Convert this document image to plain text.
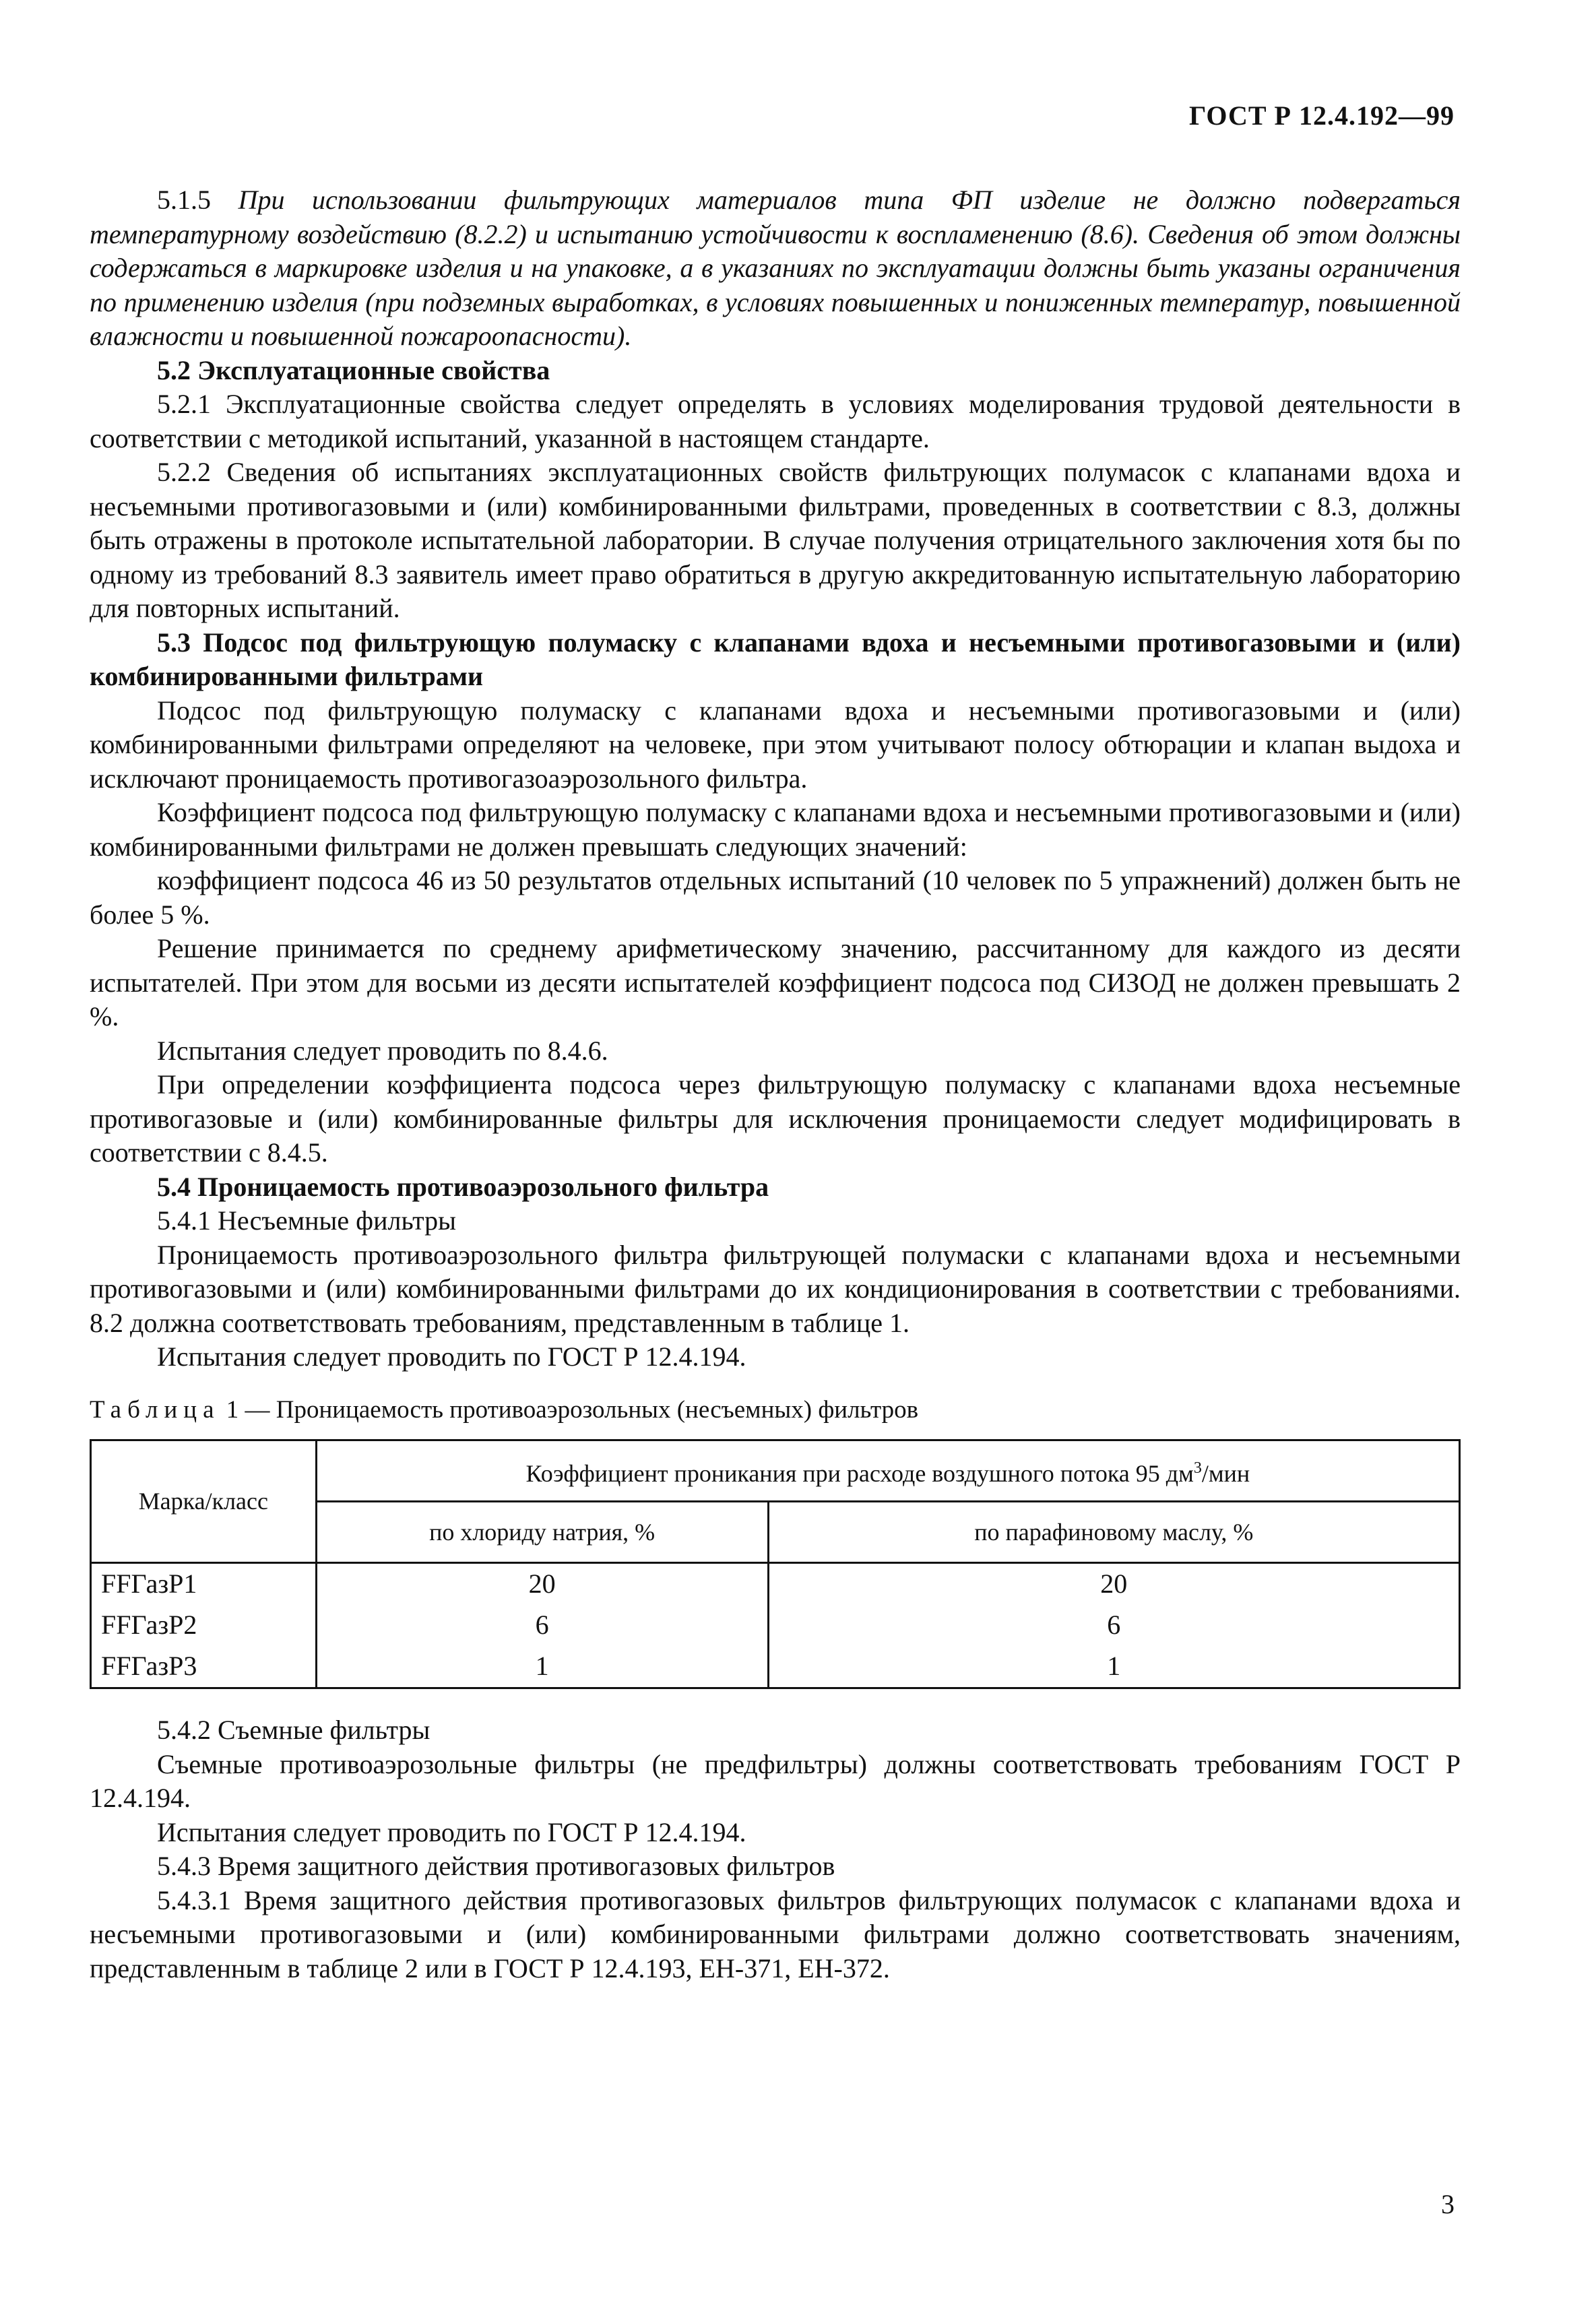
ГОСТ Р 12.4.192—99

5.1.5 При использовании фильтрующих материалов типа ФП изделие не должно подвергаться температурному воздействию (8.2.2) и испытанию устойчивости к воспламенению (8.6). Сведения об этом должны содержаться в маркировке изделия и на упаковке, а в указаниях по эксплуатации должны быть указаны ограничения по применению изделия (при подземных выработках, в условиях повышенных и пониженных температур, повышенной влажности и повышенной пожароопасности).

5.2 Эксплуатационные свойства

5.2.1 Эксплуатационные свойства следует определять в условиях моделирования трудовой деятельности в соответствии с методикой испытаний, указанной в настоящем стандарте.

5.2.2 Сведения об испытаниях эксплуатационных свойств фильтрующих полумасок с клапанами вдоха и несъемными противогазовыми и (или) комбинированными фильтрами, проведенных в соответствии с 8.3, должны быть отражены в протоколе испытательной лаборатории. В случае получения отрицательного заключения хотя бы по одному из требований 8.3 заявитель имеет право обратиться в другую аккредитованную испытательную лабораторию для повторных испытаний.

5.3 Подсос под фильтрующую полумаску с клапанами вдоха и несъемными противогазовыми и (или) комбинированными фильтрами

Подсос под фильтрующую полумаску с клапанами вдоха и несъемными противогазовыми и (или) комбинированными фильтрами определяют на человеке, при этом учитывают полосу обтюрации и клапан выдоха и исключают проницаемость противогазоаэрозольного фильтра.

Коэффициент подсоса под фильтрующую полумаску с клапанами вдоха и несъемными противогазовыми и (или) комбинированными фильтрами не должен превышать следующих значений:

коэффициент подсоса 46 из 50 результатов отдельных испытаний (10 человек по 5 упражнений) должен быть не более 5 %.

Решение принимается по среднему арифметическому значению, рассчитанному для каждого из десяти испытателей. При этом для восьми из десяти испытателей коэффициент подсоса под СИЗОД не должен превышать 2 %.

Испытания следует проводить по 8.4.6.

При определении коэффициента подсоса через фильтрующую полумаску с клапанами вдоха несъемные противогазовые и (или) комбинированные фильтры для исключения проницаемости следует модифицировать в соответствии с 8.4.5.

5.4 Проницаемость противоаэрозольного фильтра

5.4.1 Несъемные фильтры

Проницаемость противоаэрозольного фильтра фильтрующей полумаски с клапанами вдоха и несъемными противогазовыми и (или) комбинированными фильтрами до их кондиционирования в соответствии с требованиями. 8.2 должна соответствовать требованиям, представленным в таблице 1.

Испытания следует проводить по ГОСТ Р 12.4.194.

Таблица 1 — Проницаемость противоаэрозольных (несъемных) фильтров
Марка/класс	Коэффициент проникания при расходе воздушного потока 95 $дм^3$/мин	
	по хлориду натрия, %	по парафиновому маслу, %
FFГазР1	20	20
FFГазР2	6	6
FFГазР3	1	1

5.4.2 Съемные фильтры

Съемные противоаэрозольные фильтры (не предфильтры) должны соответствовать требованиям ГОСТ Р 12.4.194.

Испытания следует проводить по ГОСТ Р 12.4.194.

5.4.3 Время защитного действия противогазовых фильтров

5.4.3.1 Время защитного действия противогазовых фильтров фильтрующих полумасок с клапанами вдоха и несъемными противогазовыми и (или) комбинированными фильтрами должно соответствовать значениям, представленным в таблице 2 или в ГОСТ Р 12.4.193, ЕН-371, ЕН-372.

3
